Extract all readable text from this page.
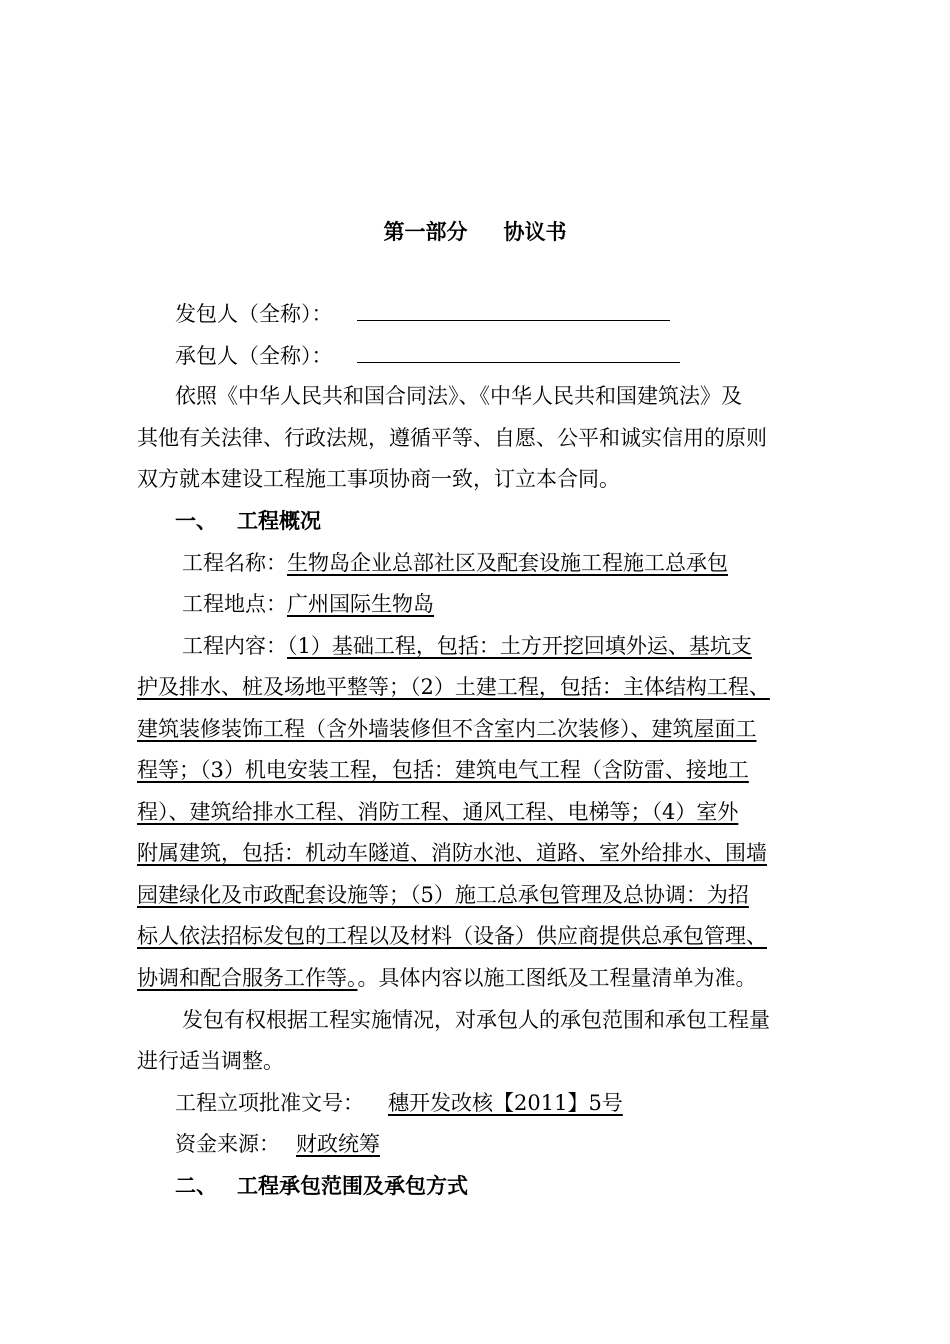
第一部分 协议书
发包人（全称）：
承包人（全称）：
依照《中华人民共和国合同法》、《中华人民共和国建筑法》及
其他有关法律、行政法规，遵循平等、自愿、公平和诚实信用的原则
双方就本建设工程施工事项协商一致，订立本合同。
一、 工程概况
工程名称：生物岛企业总部社区及配套设施工程施工总承包
工程地点：广州国际生物岛
工程内容：（1）基础工程，包括：土方开挖回填外运、基坑支
护及排水、桩及场地平整等；（2）土建工程，包括：主体结构工程、
建筑装修装饰工程（含外墙装修但不含室内二次装修）、建筑屋面工
程等；（3）机电安装工程，包括：建筑电气工程（含防雷、接地工
程）、建筑给排水工程、消防工程、通风工程、电梯等；（4）室外
附属建筑，包括：机动车隧道、消防水池、道路、室外给排水、围墙
园建绿化及市政配套设施等；（5）施工总承包管理及总协调：为招
标人依法招标发包的工程以及材料（设备）供应商提供总承包管理、
协调和配合服务工作等。。具体内容以施工图纸及工程量清单为准。
发包有权根据工程实施情况，对承包人的承包范围和承包工程量
进行适当调整。
工程立项批准文号： 穗开发改核【2011】5号
资金来源： 财政统筹
二、 工程承包范围及承包方式
